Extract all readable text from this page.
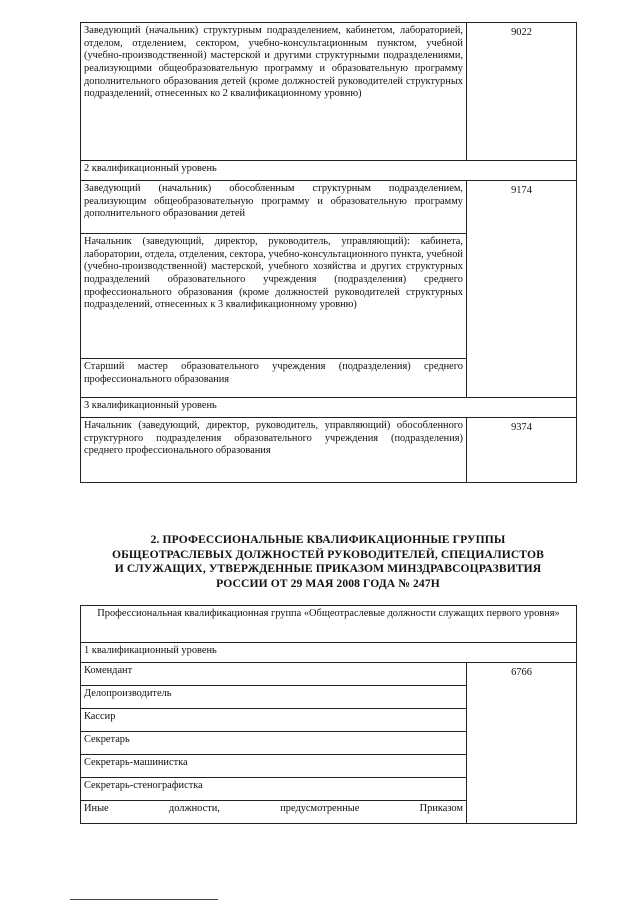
Заведующий (начальник) структурным подразделением, кабинетом, лабораторией, отделом, отделением, сектором, учебно-консультационным пунктом, учебной (учебно-производственной) мастерской и другими структурными подразделениями, реализующими общеобразовательную программу и образовательную программу дополнительного образования детей (кроме должностей руководителей структурных подразделений, отнесенных ко 2 квалификационному уровню)	9022
2 квалификационный уровень	
Заведующий (начальник) обособленным структурным подразделением, реализующим общеобразовательную программу и образовательную программу дополнительного образования детей	9174
Начальник (заведующий, директор, руководитель, управляющий): кабинета, лаборатории, отдела, отделения, сектора, учебно-консультационного пункта, учебной (учебно-производственной) мастерской, учебного хозяйства и других структурных подразделений образовательного учреждения (подразделения) среднего профессионального образования (кроме должностей руководителей структурных подразделений, отнесенных к 3 квалификационному уровню)	
Старший мастер образовательного учреждения (подразделения) среднего профессионального образования	
3 квалификационный уровень	
Начальник (заведующий, директор, руководитель, управляющий) обособленного структурного подразделения образовательного учреждения (подразделения) среднего профессионального образования	9374
2. ПРОФЕССИОНАЛЬНЫЕ КВАЛИФИКАЦИОННЫЕ ГРУППЫ
ОБЩЕОТРАСЛЕВЫХ ДОЛЖНОСТЕЙ РУКОВОДИТЕЛЕЙ, СПЕЦИАЛИСТОВ
И СЛУЖАЩИХ, УТВЕРЖДЕННЫЕ ПРИКАЗОМ МИНЗДРАВСОЦРАЗВИТИЯ
РОССИИ ОТ 29 МАЯ 2008 ГОДА № 247Н
Профессиональная квалификационная группа «Общеотраслевые должности служащих первого уровня»
1 квалификационный уровень
Комендант	6766
Делопроизводитель
Кассир
Секретарь
Секретарь-машинистка
Секретарь-стенографистка
Иные должности, предусмотренные Приказом
